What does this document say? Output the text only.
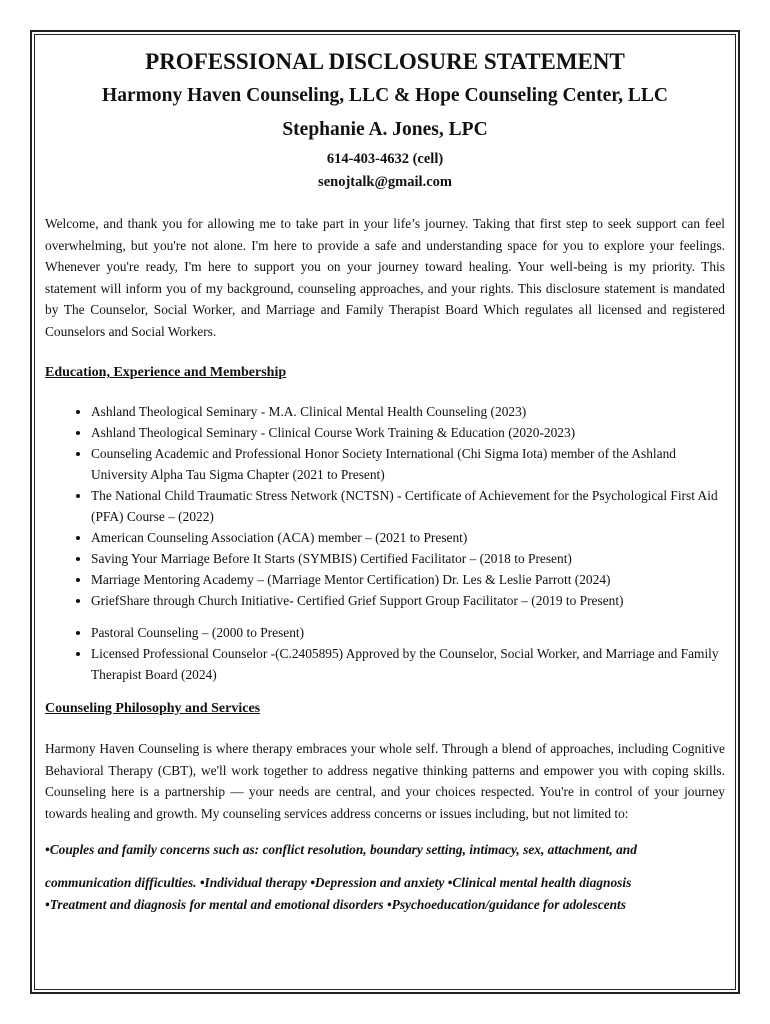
PROFESSIONAL DISCLOSURE STATEMENT

Harmony Haven Counseling, LLC & Hope Counseling Center, LLC

Stephanie A. Jones, LPC

614-403-4632 (cell)

senojtalk@gmail.com

Welcome, and thank you for allowing me to take part in your life’s journey. Taking that first step to seek support can feel overwhelming, but you're not alone. I'm here to provide a safe and understanding space for you to explore your feelings. Whenever you're ready, I'm here to support you on your journey toward healing. Your well-being is my priority. This statement will inform you of my background, counseling approaches, and your rights. This disclosure statement is mandated by The Counselor, Social Worker, and Marriage and Family Therapist Board Which regulates all licensed and registered Counselors and Social Workers.

Education, Experience and Membership

• Ashland Theological Seminary - M.A. Clinical Mental Health Counseling (2023)
• Ashland Theological Seminary - Clinical Course Work Training & Education (2020-2023)
• Counseling Academic and Professional Honor Society International (Chi Sigma Iota) member of the Ashland University Alpha Tau Sigma Chapter (2021 to Present)
• The National Child Traumatic Stress Network (NCTSN) - Certificate of Achievement for the Psychological First Aid (PFA) Course – (2022)
• American Counseling Association (ACA) member – (2021 to Present)
• Saving Your Marriage Before It Starts (SYMBIS) Certified Facilitator – (2018 to Present)
• Marriage Mentoring Academy – (Marriage Mentor Certification) Dr. Les & Leslie Parrott (2024)
• GriefShare through Church Initiative- Certified Grief Support Group Facilitator – (2019 to Present)
• Pastoral Counseling – (2000 to Present)
• Licensed Professional Counselor -(C.2405895) Approved by the Counselor, Social Worker, and Marriage and Family Therapist Board (2024)

Counseling Philosophy and Services

Harmony Haven Counseling is where therapy embraces your whole self. Through a blend of approaches, including Cognitive Behavioral Therapy (CBT), we'll work together to address negative thinking patterns and empower you with coping skills. Counseling here is a partnership — your needs are central, and your choices respected. You're in control of your journey towards healing and growth. My counseling services address concerns or issues including, but not limited to:

•Couples and family concerns such as: conflict resolution, boundary setting, intimacy, sex, attachment, and

communication difficulties. •Individual therapy •Depression and anxiety •Clinical mental health diagnosis

•Treatment and diagnosis for mental and emotional disorders •Psychoeducation/guidance for adolescents
